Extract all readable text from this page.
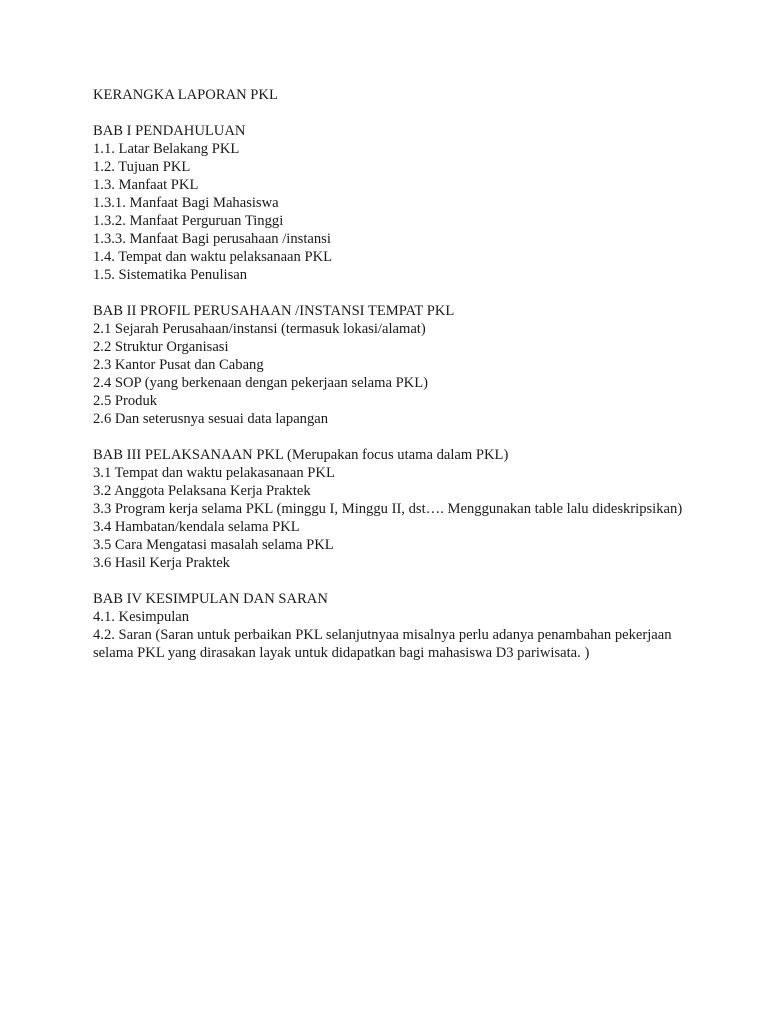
KERANGKA LAPORAN PKL

BAB I PENDAHULUAN

1.1. Latar Belakang PKL

1.2. Tujuan PKL

1.3. Manfaat PKL

1.3.1. Manfaat Bagi Mahasiswa

1.3.2. Manfaat Perguruan Tinggi

1.3.3. Manfaat Bagi perusahaan /instansi

1.4. Tempat dan waktu pelaksanaan PKL

1.5. Sistematika Penulisan

BAB II PROFIL PERUSAHAAN /INSTANSI TEMPAT PKL

2.1 Sejarah Perusahaan/instansi (termasuk lokasi/alamat)

2.2 Struktur Organisasi

2.3 Kantor Pusat dan Cabang

2.4 SOP (yang berkenaan dengan pekerjaan selama PKL)

2.5 Produk

2.6 Dan seterusnya sesuai data lapangan

BAB III PELAKSANAAN PKL (Merupakan focus utama dalam PKL)

3.1 Tempat dan waktu pelakasanaan PKL

3.2 Anggota Pelaksana Kerja Praktek

3.3 Program kerja selama PKL (minggu I, Minggu II, dst…. Menggunakan table lalu dideskripsikan)

3.4 Hambatan/kendala selama PKL

3.5 Cara Mengatasi masalah selama PKL

3.6 Hasil Kerja Praktek

BAB IV KESIMPULAN DAN SARAN

4.1. Kesimpulan

4.2. Saran (Saran untuk perbaikan PKL selanjutnyaa misalnya perlu adanya penambahan pekerjaan selama PKL yang dirasakan layak untuk didapatkan bagi mahasiswa D3 pariwisata. )
